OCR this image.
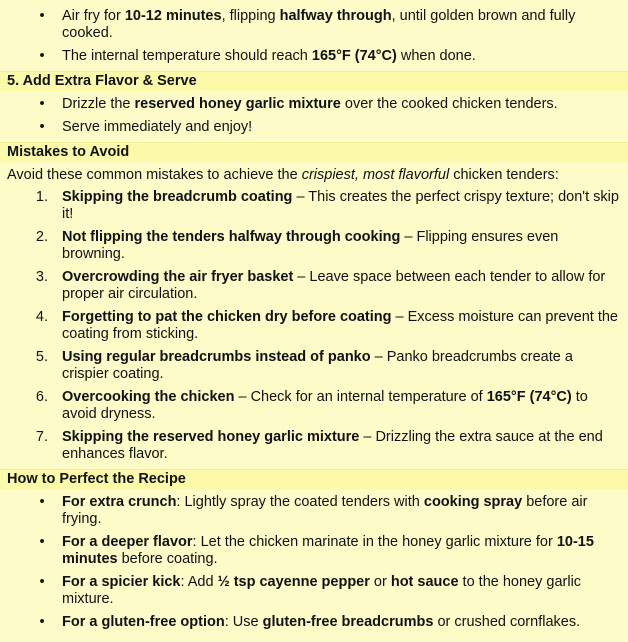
•	Air fry for 10-12 minutes, flipping halfway through, until golden brown and fully cooked.
•	The internal temperature should reach 165°F (74°C) when done.
5. Add Extra Flavor & Serve
•	Drizzle the reserved honey garlic mixture over the cooked chicken tenders.
•	Serve immediately and enjoy!
Mistakes to Avoid
Avoid these common mistakes to achieve the crispiest, most flavorful chicken tenders:
1. Skipping the breadcrumb coating – This creates the perfect crispy texture; don't skip it!
2. Not flipping the tenders halfway through cooking – Flipping ensures even browning.
3. Overcrowding the air fryer basket – Leave space between each tender to allow for proper air circulation.
4. Forgetting to pat the chicken dry before coating – Excess moisture can prevent the coating from sticking.
5. Using regular breadcrumbs instead of panko – Panko breadcrumbs create a crispier coating.
6. Overcooking the chicken – Check for an internal temperature of 165°F (74°C) to avoid dryness.
7. Skipping the reserved honey garlic mixture – Drizzling the extra sauce at the end enhances flavor.
How to Perfect the Recipe
•	For extra crunch: Lightly spray the coated tenders with cooking spray before air frying.
•	For a deeper flavor: Let the chicken marinate in the honey garlic mixture for 10-15 minutes before coating.
•	For a spicier kick: Add ½ tsp cayenne pepper or hot sauce to the honey garlic mixture.
•	For a gluten-free option: Use gluten-free breadcrumbs or crushed cornflakes.
